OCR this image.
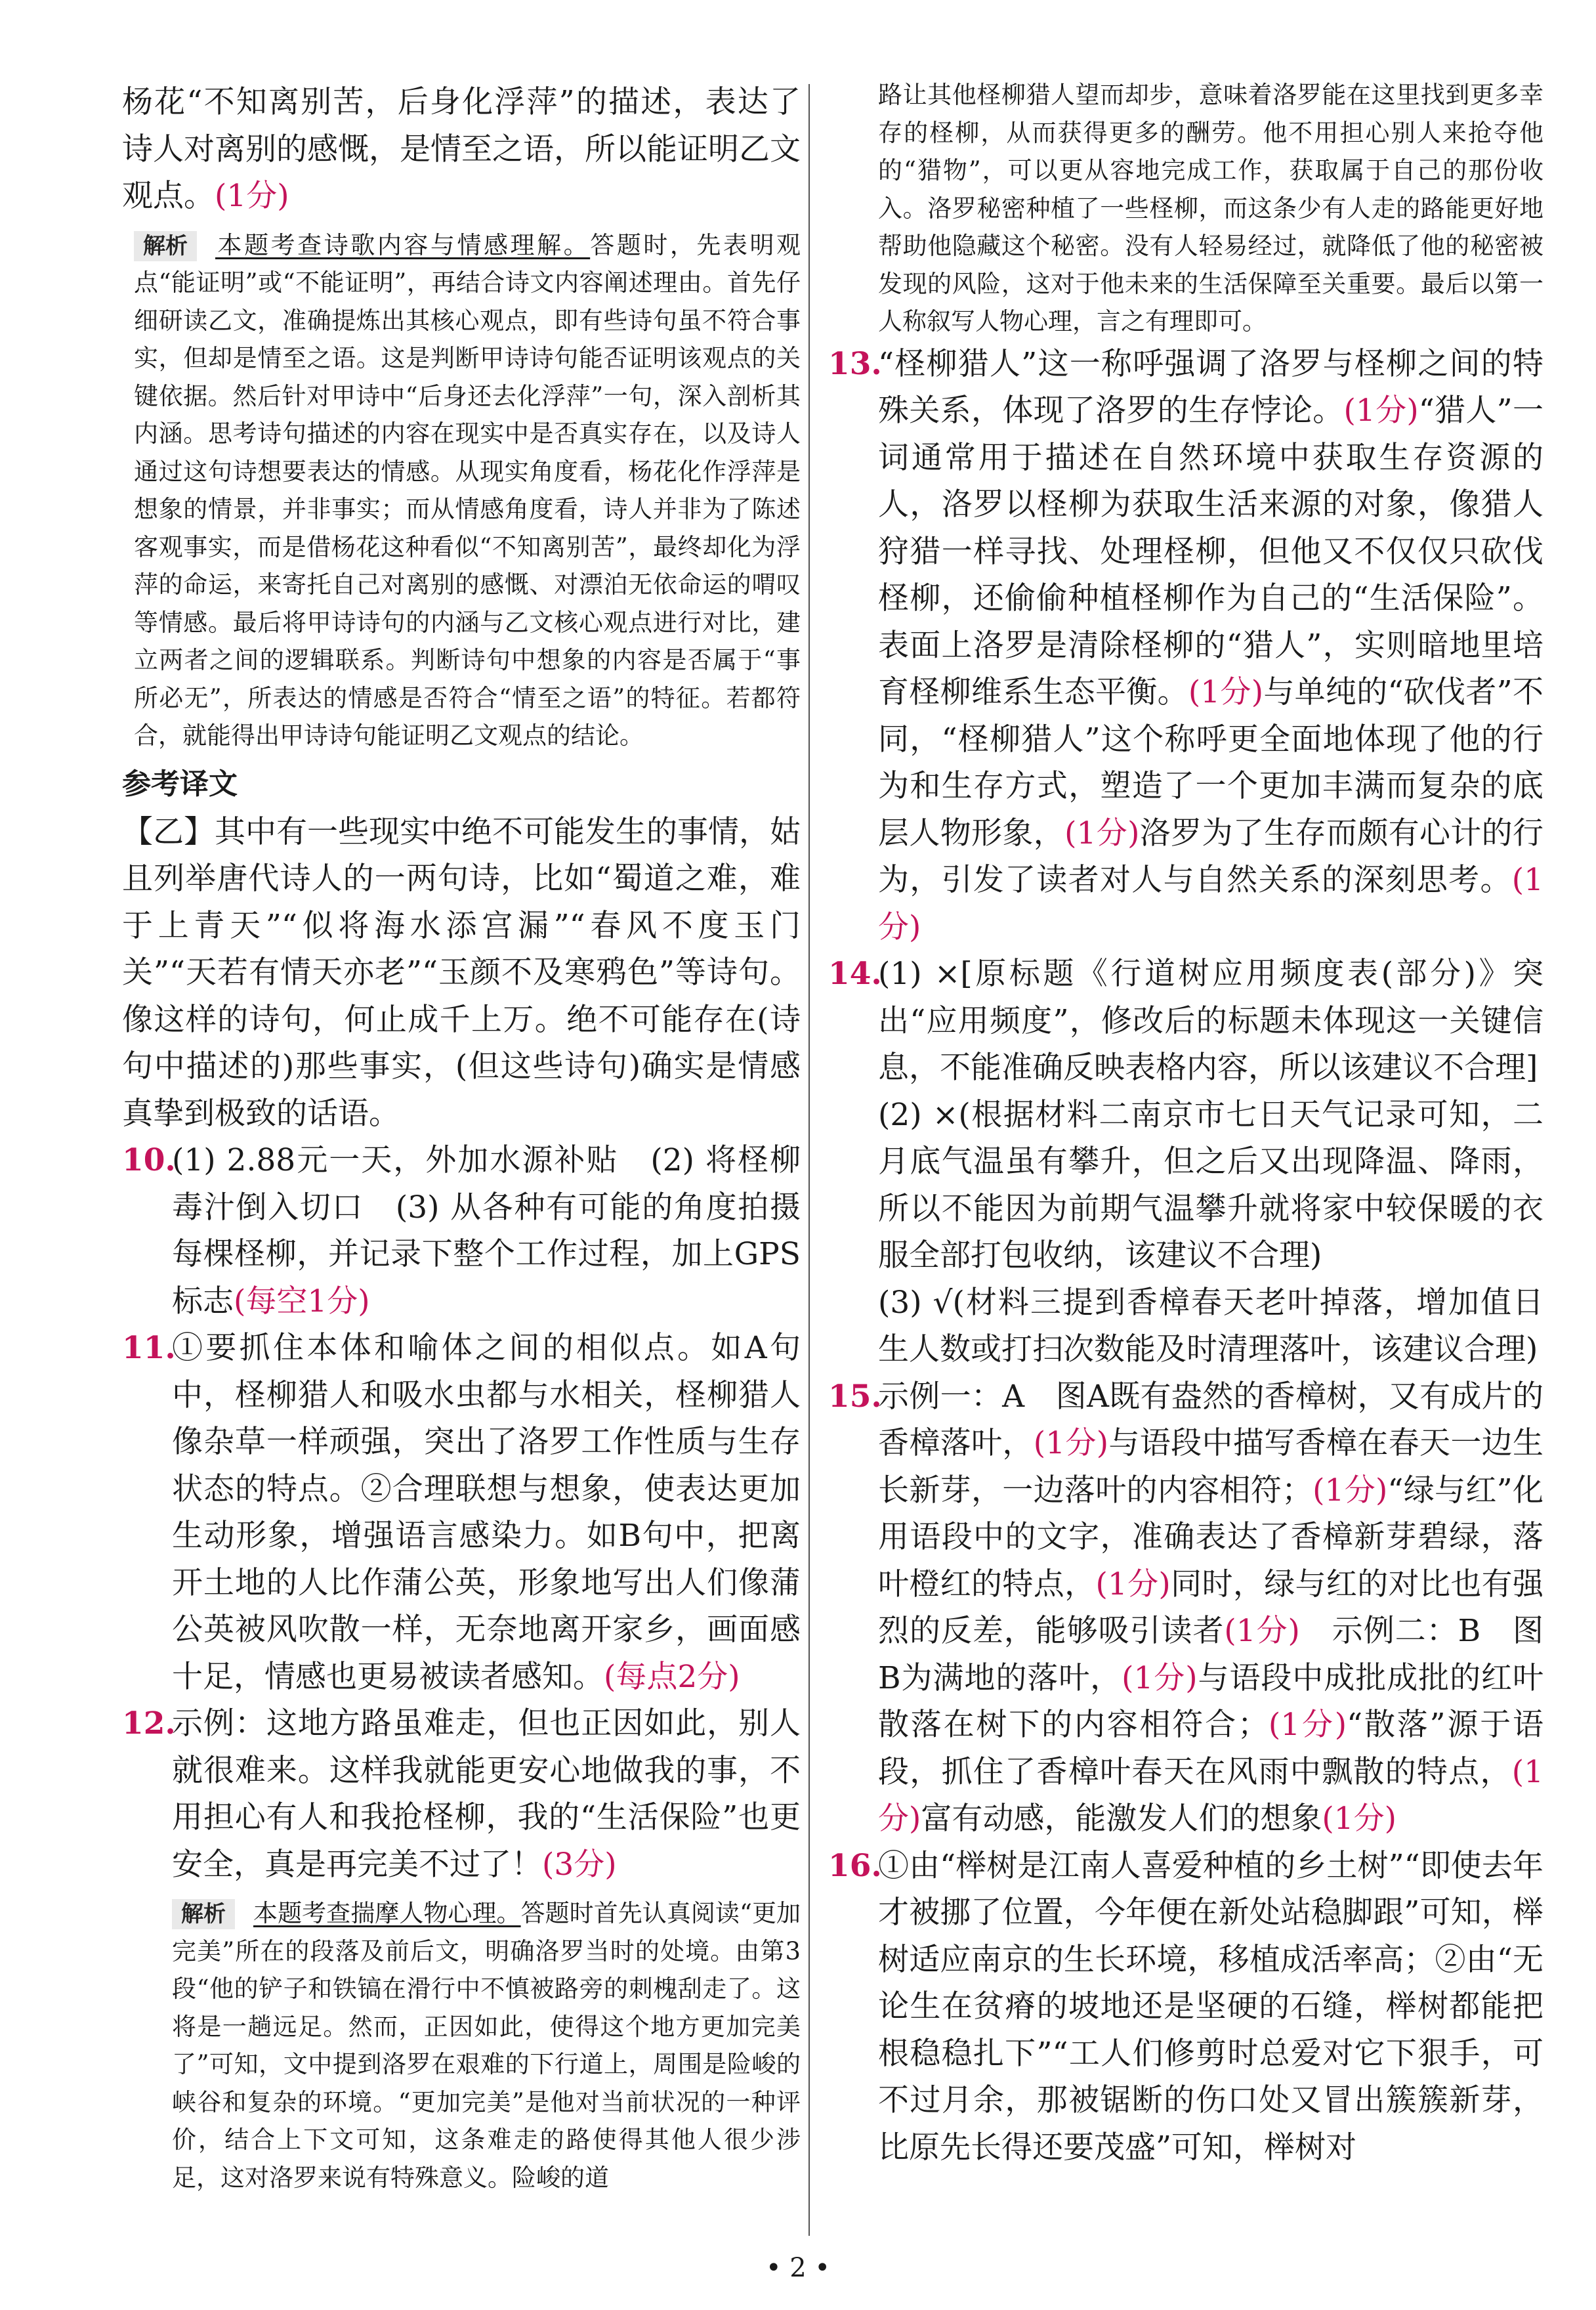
杨花“不知离别苦，后身化浮萍”的描述，表达了诗人对离别的感慨，是情至之语，所以能证明乙文观点。(1分)

解析 本题考查诗歌内容与情感理解。答题时，先表明观点“能证明”或“不能证明”，再结合诗文内容阐述理由。首先仔细研读乙文，准确提炼出其核心观点，即有些诗句虽不符合事实，但却是情至之语。这是判断甲诗诗句能否证明该观点的关键依据。然后针对甲诗中“后身还去化浮萍”一句，深入剖析其内涵。思考诗句描述的内容在现实中是否真实存在，以及诗人通过这句诗想要表达的情感。从现实角度看，杨花化作浮萍是想象的情景，并非事实；而从情感角度看，诗人并非为了陈述客观事实，而是借杨花这种看似“不知离别苦”，最终却化为浮萍的命运，来寄托自己对离别的感慨、对漂泊无依命运的喟叹等情感。最后将甲诗诗句的内涵与乙文核心观点进行对比，建立两者之间的逻辑联系。判断诗句中想象的内容是否属于“事所必无”，所表达的情感是否符合“情至之语”的特征。若都符合，就能得出甲诗诗句能证明乙文观点的结论。

参考译文

【乙】其中有一些现实中绝不可能发生的事情，姑且列举唐代诗人的一两句诗，比如“蜀道之难，难于上青天”“似将海水添宫漏”“春风不度玉门关”“天若有情天亦老”“玉颜不及寒鸦色”等诗句。像这样的诗句，何止成千上万。绝不可能存在(诗句中描述的)那些事实，(但这些诗句)确实是情感真挚到极致的话语。

10.
(1) 2.88元一天，外加水源补贴　(2) 将柽柳毒汁倒入切口　(3) 从各种有可能的角度拍摄每棵柽柳，并记录下整个工作过程，加上GPS标志(每空1分)
11.
①要抓住本体和喻体之间的相似点。如A句中，柽柳猎人和吸水虫都与水相关，柽柳猎人像杂草一样顽强，突出了洛罗工作性质与生存状态的特点。②合理联想与想象，使表达更加生动形象，增强语言感染力。如B句中，把离开土地的人比作蒲公英，形象地写出人们像蒲公英被风吹散一样，无奈地离开家乡，画面感十足，情感也更易被读者感知。(每点2分)
12.
示例：这地方路虽难走，但也正因如此，别人就很难来。这样我就能更安心地做我的事，不用担心有人和我抢柽柳，我的“生活保险”也更安全，真是再完美不过了！(3分)

解析 本题考查揣摩人物心理。答题时首先认真阅读“更加完美”所在的段落及前后文，明确洛罗当时的处境。由第3段“他的铲子和铁镐在滑行中不慎被路旁的刺槐刮走了。这将是一趟远足。然而，正因如此，使得这个地方更加完美了”可知，文中提到洛罗在艰难的下行道上，周围是险峻的峡谷和复杂的环境。“更加完美”是他对当前状况的一种评价，结合上下文可知，这条难走的路使得其他人很少涉足，这对洛罗来说有特殊意义。险峻的道

路让其他柽柳猎人望而却步，意味着洛罗能在这里找到更多幸存的柽柳，从而获得更多的酬劳。他不用担心别人来抢夺他的“猎物”，可以更从容地完成工作，获取属于自己的那份收入。洛罗秘密种植了一些柽柳，而这条少有人走的路能更好地帮助他隐藏这个秘密。没有人轻易经过，就降低了他的秘密被发现的风险，这对于他未来的生活保障至关重要。最后以第一人称叙写人物心理，言之有理即可。

13.
“柽柳猎人”这一称呼强调了洛罗与柽柳之间的特殊关系，体现了洛罗的生存悖论。(1分)“猎人”一词通常用于描述在自然环境中获取生存资源的人，洛罗以柽柳为获取生活来源的对象，像猎人狩猎一样寻找、处理柽柳，但他又不仅仅只砍伐柽柳，还偷偷种植柽柳作为自己的“生活保险”。表面上洛罗是清除柽柳的“猎人”，实则暗地里培育柽柳维系生态平衡。(1分)与单纯的“砍伐者”不同，“柽柳猎人”这个称呼更全面地体现了他的行为和生存方式，塑造了一个更加丰满而复杂的底层人物形象，(1分)洛罗为了生存而颇有心计的行为，引发了读者对人与自然关系的深刻思考。(1分)
14.

(1) ×[原标题《行道树应用频度表(部分)》突出“应用频度”，修改后的标题未体现这一关键信息，不能准确反映表格内容，所以该建议不合理]

(2) ×(根据材料二南京市七日天气记录可知，二月底气温虽有攀升，但之后又出现降温、降雨，所以不能因为前期气温攀升就将家中较保暖的衣服全部打包收纳，该建议不合理)

(3) √(材料三提到香樟春天老叶掉落，增加值日生人数或打扫次数能及时清理落叶，该建议合理)

15.
示例一：A　图A既有盎然的香樟树，又有成片的香樟落叶，(1分)与语段中描写香樟在春天一边生长新芽，一边落叶的内容相符；(1分)“绿与红”化用语段中的文字，准确表达了香樟新芽碧绿，落叶橙红的特点，(1分)同时，绿与红的对比也有强烈的反差，能够吸引读者(1分)　示例二：B　图B为满地的落叶，(1分)与语段中成批成批的红叶散落在树下的内容相符合；(1分)“散落”源于语段，抓住了香樟叶春天在风雨中飘散的特点，(1分)富有动感，能激发人们的想象(1分)
16.
①由“榉树是江南人喜爱种植的乡土树”“即使去年才被挪了位置，今年便在新处站稳脚跟”可知，榉树适应南京的生长环境，移植成活率高；②由“无论生在贫瘠的坡地还是坚硬的石缝，榉树都能把根稳稳扎下”“工人们修剪时总爱对它下狠手，可不过月余，那被锯断的伤口处又冒出簇簇新芽，比原先长得还要茂盛”可知，榉树对
• 2 •
